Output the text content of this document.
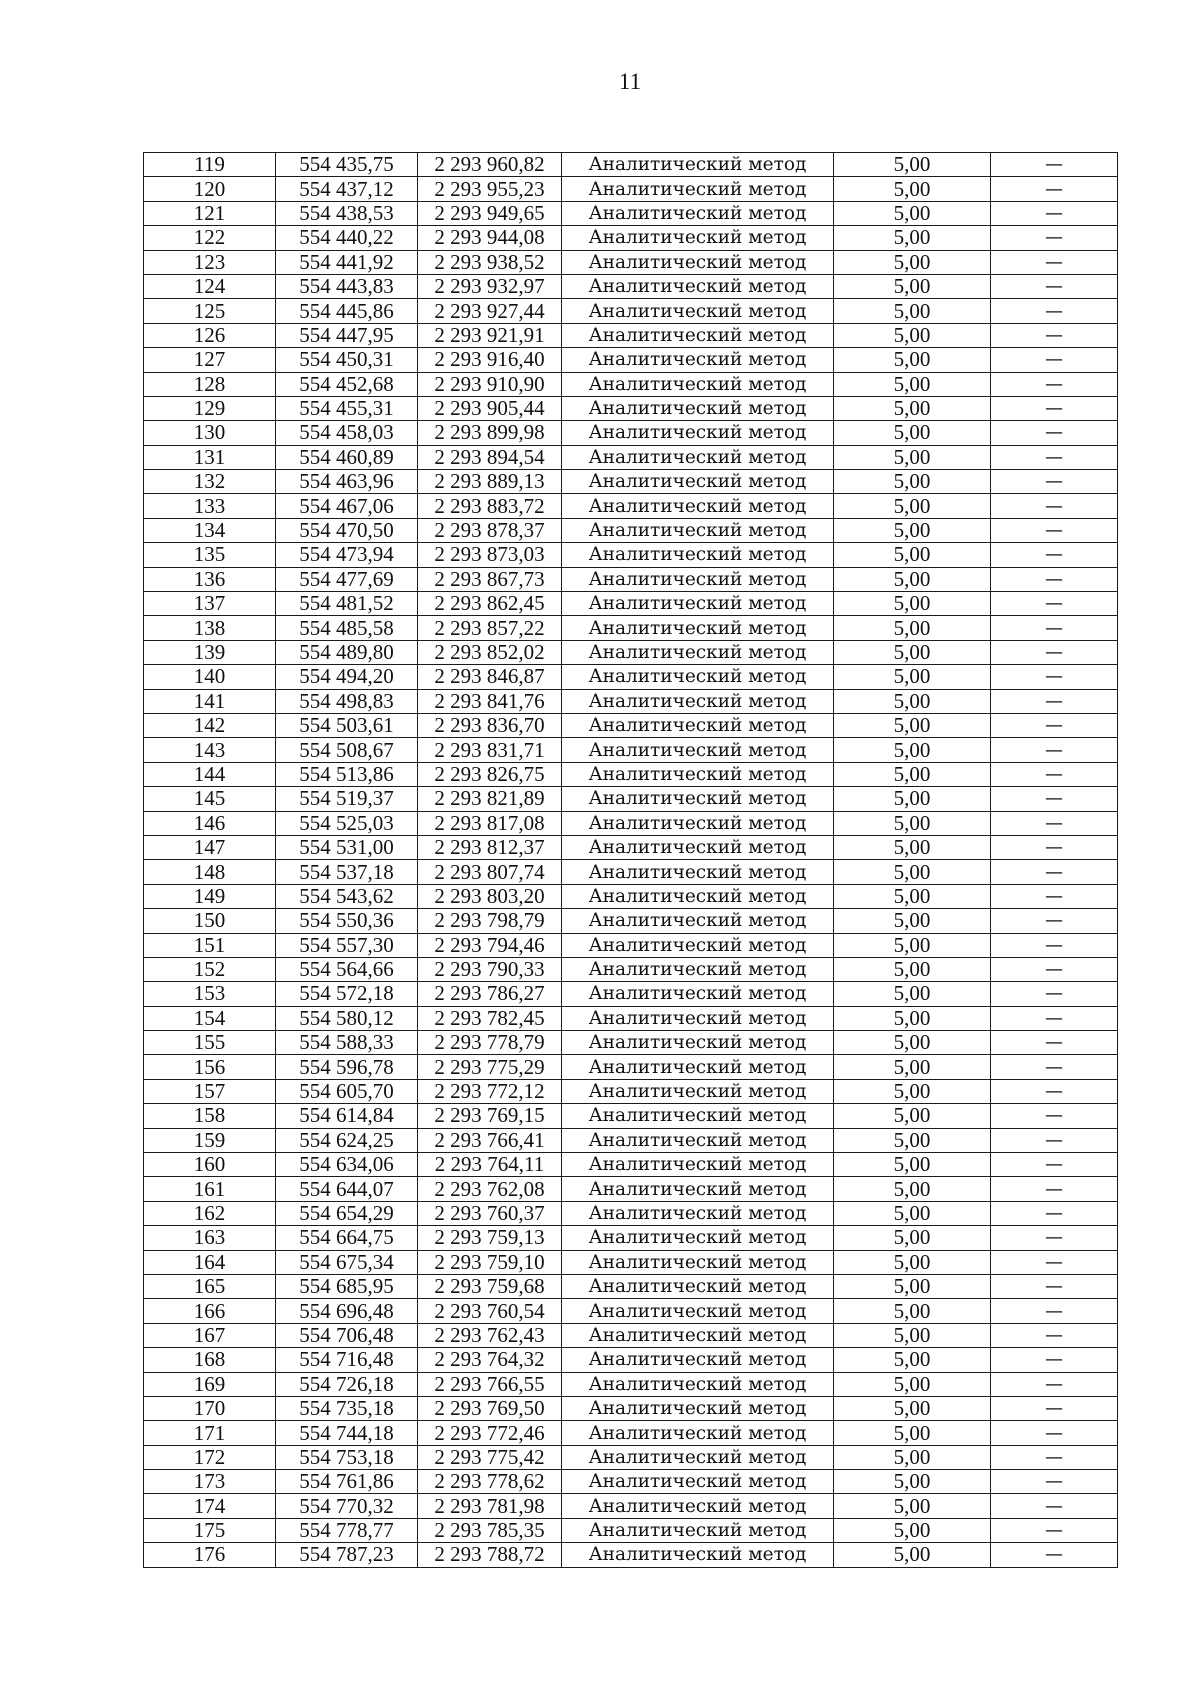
11
119	554 435,75	2 293 960,82	Аналитический метод	5,00	—
120	554 437,12	2 293 955,23	Аналитический метод	5,00	—
121	554 438,53	2 293 949,65	Аналитический метод	5,00	—
122	554 440,22	2 293 944,08	Аналитический метод	5,00	—
123	554 441,92	2 293 938,52	Аналитический метод	5,00	—
124	554 443,83	2 293 932,97	Аналитический метод	5,00	—
125	554 445,86	2 293 927,44	Аналитический метод	5,00	—
126	554 447,95	2 293 921,91	Аналитический метод	5,00	—
127	554 450,31	2 293 916,40	Аналитический метод	5,00	—
128	554 452,68	2 293 910,90	Аналитический метод	5,00	—
129	554 455,31	2 293 905,44	Аналитический метод	5,00	—
130	554 458,03	2 293 899,98	Аналитический метод	5,00	—
131	554 460,89	2 293 894,54	Аналитический метод	5,00	—
132	554 463,96	2 293 889,13	Аналитический метод	5,00	—
133	554 467,06	2 293 883,72	Аналитический метод	5,00	—
134	554 470,50	2 293 878,37	Аналитический метод	5,00	—
135	554 473,94	2 293 873,03	Аналитический метод	5,00	—
136	554 477,69	2 293 867,73	Аналитический метод	5,00	—
137	554 481,52	2 293 862,45	Аналитический метод	5,00	—
138	554 485,58	2 293 857,22	Аналитический метод	5,00	—
139	554 489,80	2 293 852,02	Аналитический метод	5,00	—
140	554 494,20	2 293 846,87	Аналитический метод	5,00	—
141	554 498,83	2 293 841,76	Аналитический метод	5,00	—
142	554 503,61	2 293 836,70	Аналитический метод	5,00	—
143	554 508,67	2 293 831,71	Аналитический метод	5,00	—
144	554 513,86	2 293 826,75	Аналитический метод	5,00	—
145	554 519,37	2 293 821,89	Аналитический метод	5,00	—
146	554 525,03	2 293 817,08	Аналитический метод	5,00	—
147	554 531,00	2 293 812,37	Аналитический метод	5,00	—
148	554 537,18	2 293 807,74	Аналитический метод	5,00	—
149	554 543,62	2 293 803,20	Аналитический метод	5,00	—
150	554 550,36	2 293 798,79	Аналитический метод	5,00	—
151	554 557,30	2 293 794,46	Аналитический метод	5,00	—
152	554 564,66	2 293 790,33	Аналитический метод	5,00	—
153	554 572,18	2 293 786,27	Аналитический метод	5,00	—
154	554 580,12	2 293 782,45	Аналитический метод	5,00	—
155	554 588,33	2 293 778,79	Аналитический метод	5,00	—
156	554 596,78	2 293 775,29	Аналитический метод	5,00	—
157	554 605,70	2 293 772,12	Аналитический метод	5,00	—
158	554 614,84	2 293 769,15	Аналитический метод	5,00	—
159	554 624,25	2 293 766,41	Аналитический метод	5,00	—
160	554 634,06	2 293 764,11	Аналитический метод	5,00	—
161	554 644,07	2 293 762,08	Аналитический метод	5,00	—
162	554 654,29	2 293 760,37	Аналитический метод	5,00	—
163	554 664,75	2 293 759,13	Аналитический метод	5,00	—
164	554 675,34	2 293 759,10	Аналитический метод	5,00	—
165	554 685,95	2 293 759,68	Аналитический метод	5,00	—
166	554 696,48	2 293 760,54	Аналитический метод	5,00	—
167	554 706,48	2 293 762,43	Аналитический метод	5,00	—
168	554 716,48	2 293 764,32	Аналитический метод	5,00	—
169	554 726,18	2 293 766,55	Аналитический метод	5,00	—
170	554 735,18	2 293 769,50	Аналитический метод	5,00	—
171	554 744,18	2 293 772,46	Аналитический метод	5,00	—
172	554 753,18	2 293 775,42	Аналитический метод	5,00	—
173	554 761,86	2 293 778,62	Аналитический метод	5,00	—
174	554 770,32	2 293 781,98	Аналитический метод	5,00	—
175	554 778,77	2 293 785,35	Аналитический метод	5,00	—
176	554 787,23	2 293 788,72	Аналитический метод	5,00	—
